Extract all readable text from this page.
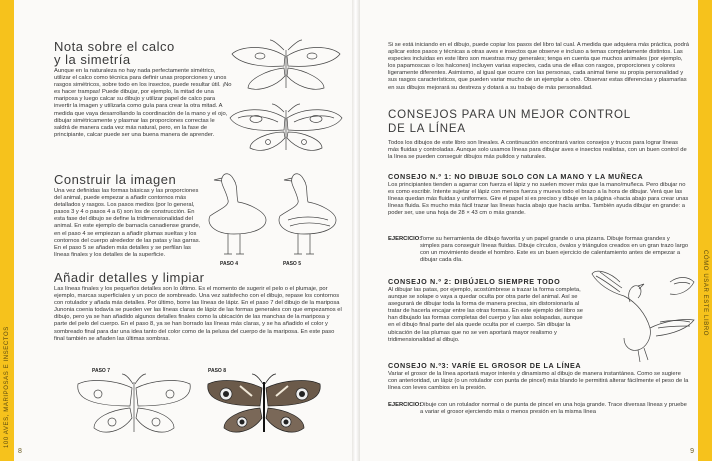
100 AVES, MARIPOSAS E INSECTOS
Nota sobre el calco
y la simetría

Aunque en la naturaleza no hay nada perfectamente simétrico, utilizar el calco como técnica para definir unas proporciones y unos rasgos simétricos, sobre todo en los insectos, puede resultar útil. ¡No es hacer trampas! Puede dibujar, por ejemplo, la mitad de una mariposa y luego calcar su dibujo y utilizar papel de calco para invertir la imagen y utilizarla como guía para crear la otra mitad. A medida que vaya desarrollando la coordinación de la mano y el ojo, dibujar simétricamente y plasmar las proporciones correctas le saldrá de manera cada vez más natural, pero, en la fase de principiante, calcar puede ser una buena manera de aprender.

Construir la imagen

Una vez definidas las formas básicas y las proporciones del animal, puede empezar a añadir contornos más detallados y rasgos. Los pasos medios (por lo general, pasos 3 y 4 o pasos 4 a 6) son los de construcción. En esta fase del dibujo se define la tridimensionalidad del animal. En este ejemplo de barnacla canadiense grande, en el paso 4 se empiezan a añadir plumas sueltas y los contornos del cuerpo alrededor de las patas y las garras. En el paso 5 se añaden más detalles y se perfilan las líneas finales y los detalles de la superficie.

PASO 4	PASO 5
Añadir detalles y limpiar

Las líneas finales y los pequeños detalles son lo último. Es el momento de sugerir el pelo o el plumaje, por ejemplo, marcas superficiales y un poco de sombreado. Una vez satisfecho con el dibujo, repase los contornos con rotulador y añada más detalles. Por último, borre las líneas de lápiz. En el paso 7 del dibujo de la mariposa Junonia coenia todavía se pueden ver las líneas claras de lápiz de las formas generales con que empezamos el dibujo, pero ya se han añadido algunos detalles finales como la ubicación de las manchas de la mariposa y parte del pelo del cuerpo. En el paso 8, ya se han borrado las líneas más claras, y se ha añadido el color y sombreado final para dar una idea tanto del color como de la pelusa del cuerpo de la mariposa. En este paso final también se añaden las últimas sombras.

PASO 7	PASO 8
8
CÓMO USAR ESTE LIBRO

Si se está iniciando en el dibujo, puede copiar los pasos del libro tal cual. A medida que adquiera más práctica, podrá aplicar estos pasos y técnicas a otras aves e insectos que observe e incluso a temas completamente distintos. Las especies incluidas en este libro son muestras muy generales; tenga en cuenta que muchos animales (por ejemplo, los papamoscas o los halcones) incluyen varias especies, cada una de ellas con rasgos, proporciones y colores ligeramente diferentes. Asimismo, al igual que ocurre con las personas, cada animal tiene su propia personalidad y sus rasgos característicos, que pueden variar mucho de un ejemplar a otro. Observar estas diferencias y plasmarlas en sus dibujos mejorará su destreza y dotará a su trabajo de más personalidad.

CONSEJOS PARA UN MEJOR CONTROL
DE LA LÍNEA

Todos los dibujos de este libro son lineales. A continuación encontrará varios consejos y trucos para lograr líneas más fluidas y controladas. Aunque solo usamos líneas para dibujar aves e insectos realistas, con un buen control de la línea se pueden conseguir dibujos más pulidos y naturales.

CONSEJO N.º 1: NO DIBUJE SOLO CON LA MANO Y LA MUÑECA

Los principiantes tienden a agarrar con fuerza el lápiz y no suelen mover más que la mano/muñeca. Pero dibujar no es como escribir. Intente sujetar el lápiz con menos fuerza y mueva todo el brazo a la hora de dibujar. Verá que las líneas quedan más fluidas y uniformes. Gire el papel si es preciso y dibuje en la página «hacia abajo para crear unas líneas fluida. Es mucho más fácil trazar las líneas hacia abajo que hacia arriba. También ayuda dibujar en grande: a poder ser, use una hoja de 28 × 43 cm o más grande.

EJERCICIO:

Tome su herramienta de dibujo favorita y un papel grande o una pizarra. Dibuje formas grandes y simples para conseguir líneas fluidas. Dibuje círculos, óvalos y triángulos creados en un gran trazo largo con un movimiento desde el hombro. Este es un buen ejercicio de calentamiento antes de empezar a dibujar cada día.

CONSEJO N.º 2: DIBÚJELO SIEMPRE TODO

Al dibujar las patas, por ejemplo, acostúmbrese a trazar la forma completa, aunque se solape o vaya a quedar oculta por otra parte del animal. Así se asegurará de dibujar toda la forma de manera precisa, sin distorsionarla al tratar de hacerla encajar entre las otras formas. En este ejemplo del libro se han dibujado las formas completas del cuerpo y las alas solapadas, aunque en el dibujo final parte del ala quede oculta por el cuerpo. Sin dibujar la ubicación de las plumas que no se ven aportará mayor realismo y tridimensionalidad al dibujo.

CONSEJO N.º3: VARÍE EL GROSOR DE LA LÍNEA

Variar el grosor de la línea aportará mayor interés y dinamismo al dibujo de manera instantánea. Como se sugiere con anterioridad, un lápiz (o un rotulador con punta de pincel) más blando le permitirá alterar fácilmente el peso de la línea con leves cambios en la presión.

EJERCICIO:

Dibuje con un rotulador normal o de punta de pincel en una hoja grande. Trace diversas líneas y pruebe a variar el grosor ejerciendo más o menos presión en la misma línea

9
